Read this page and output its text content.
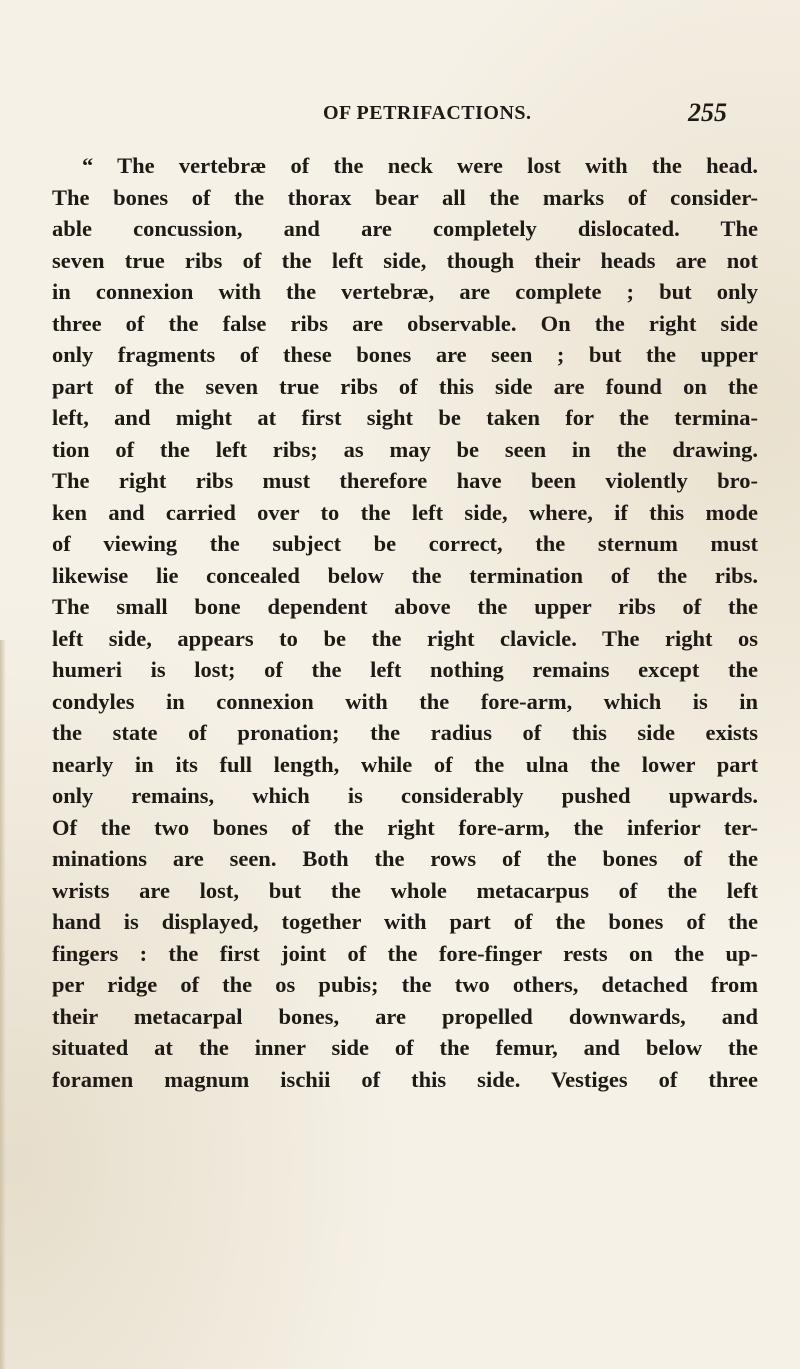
OF PETRIFACTIONS.	255
“ The vertebræ of the neck were lost with the head.
The bones of the thorax bear all the marks of consider-
able concussion, and are completely dislocated. The
seven true ribs of the left side, though their heads are not
in connexion with the vertebræ, are complete ; but only
three of the false ribs are observable. On the right side
only fragments of these bones are seen ; but the upper
part of the seven true ribs of this side are found on the
left, and might at first sight be taken for the termina-
tion of the left ribs; as may be seen in the drawing.
The right ribs must therefore have been violently bro-
ken and carried over to the left side, where, if this mode
of viewing the subject be correct, the sternum must
likewise lie concealed below the termination of the ribs.
The small bone dependent above the upper ribs of the
left side, appears to be the right clavicle. The right os
humeri is lost; of the left nothing remains except the
condyles in connexion with the fore-arm, which is in
the state of pronation; the radius of this side exists
nearly in its full length, while of the ulna the lower part
only remains, which is considerably pushed upwards.
Of the two bones of the right fore-arm, the inferior ter-
minations are seen. Both the rows of the bones of the
wrists are lost, but the whole metacarpus of the left
hand is displayed, together with part of the bones of the
fingers : the first joint of the fore-finger rests on the up-
per ridge of the os pubis; the two others, detached from
their metacarpal bones, are propelled downwards, and
situated at the inner side of the femur, and below the
foramen magnum ischii of this side. Vestiges of three
